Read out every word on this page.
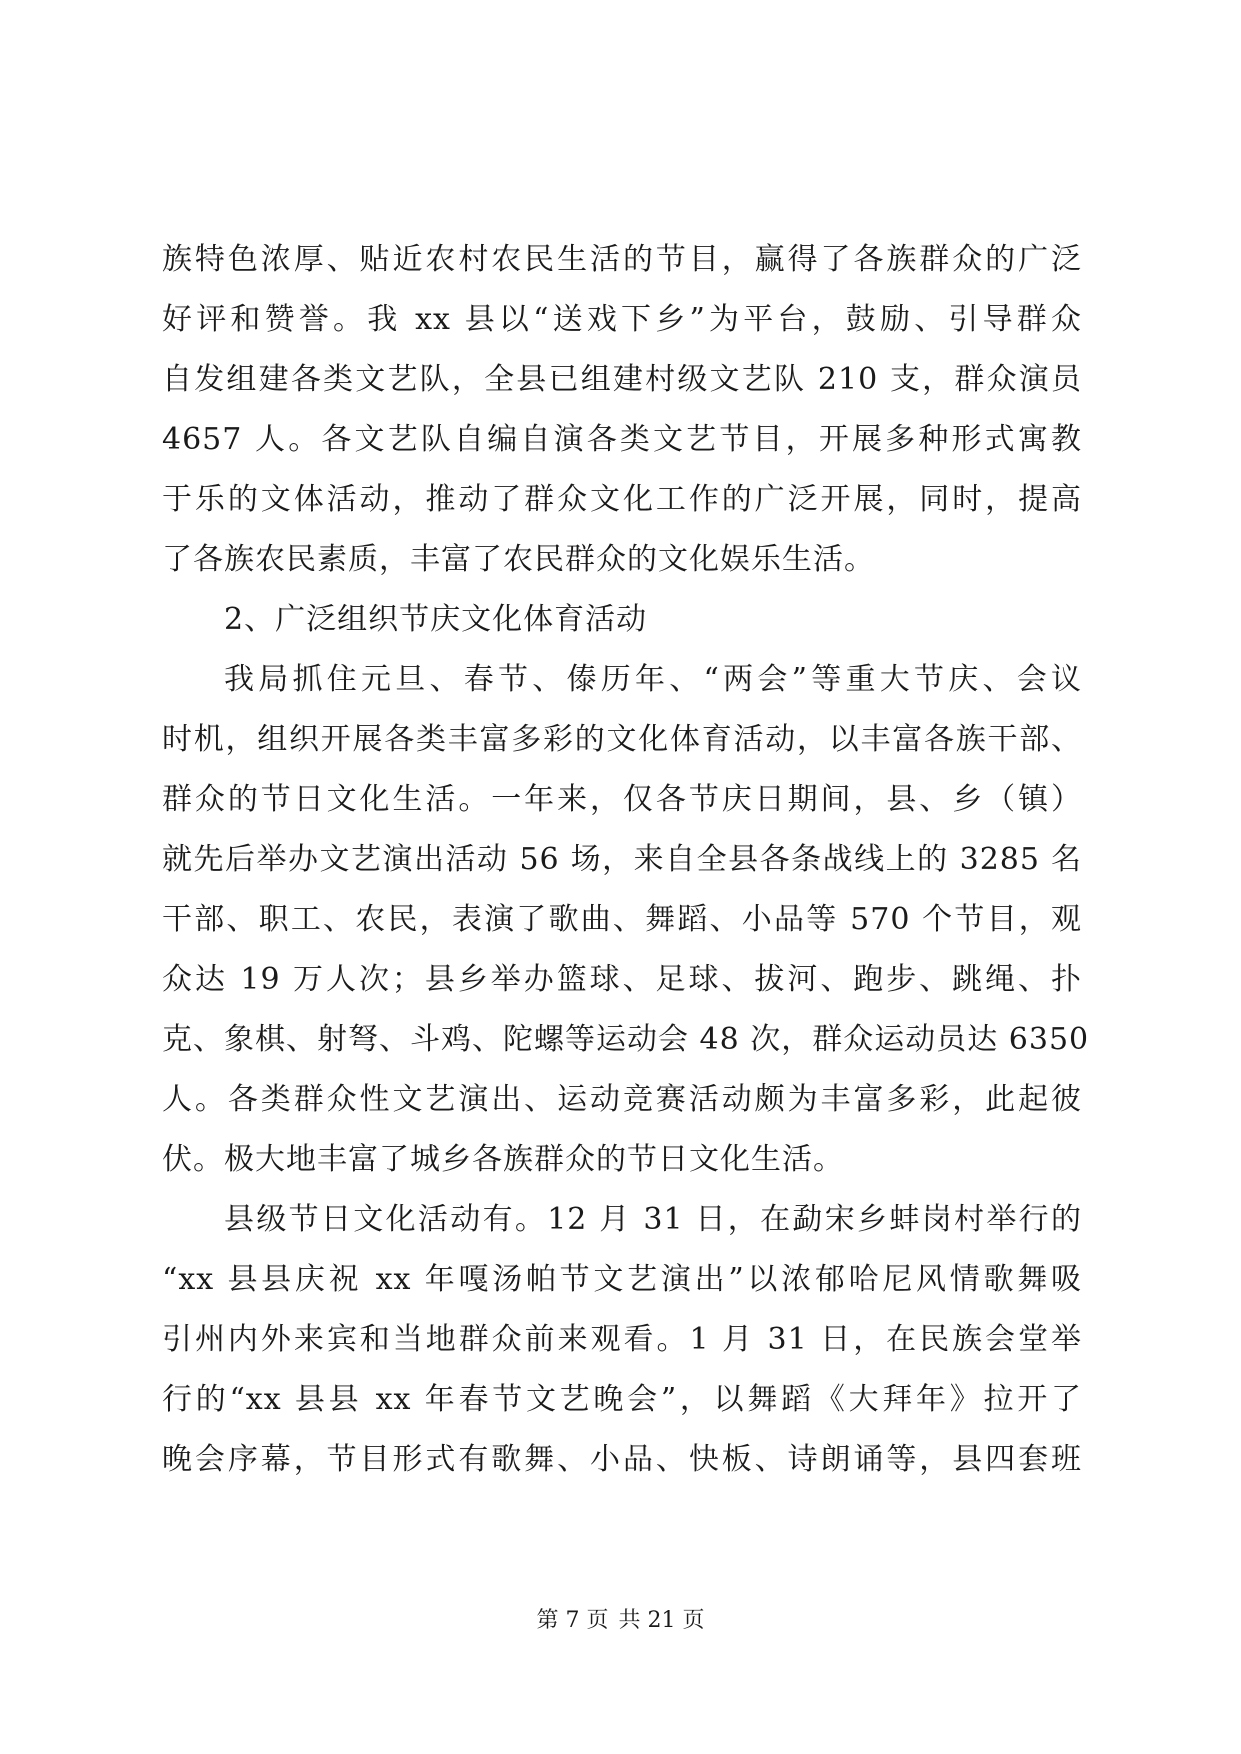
族特色浓厚、贴近农村农民生活的节目，赢得了各族群众的广泛
好评和赞誉。我 xx 县以“送戏下乡”为平台，鼓励、引导群众
自发组建各类文艺队，全县已组建村级文艺队 210 支，群众演员
4657 人。各文艺队自编自演各类文艺节目，开展多种形式寓教
于乐的文体活动，推动了群众文化工作的广泛开展，同时，提高
了各族农民素质，丰富了农民群众的文化娱乐生活。
2、广泛组织节庆文化体育活动
我局抓住元旦、春节、傣历年、“两会”等重大节庆、会议
时机，组织开展各类丰富多彩的文化体育活动，以丰富各族干部、
群众的节日文化生活。一年来，仅各节庆日期间，县、乡（镇）
就先后举办文艺演出活动 56 场，来自全县各条战线上的 3285 名
干部、职工、农民，表演了歌曲、舞蹈、小品等 570 个节目，观
众达 19 万人次；县乡举办篮球、足球、拔河、跑步、跳绳、扑
克、象棋、射弩、斗鸡、陀螺等运动会 48 次，群众运动员达 6350
人。各类群众性文艺演出、运动竞赛活动颇为丰富多彩，此起彼
伏。极大地丰富了城乡各族群众的节日文化生活。
县级节日文化活动有。12 月 31 日，在勐宋乡蚌岗村举行的
“xx 县县庆祝 xx 年嘎汤帕节文艺演出”以浓郁哈尼风情歌舞吸
引州内外来宾和当地群众前来观看。1 月 31 日，在民族会堂举
行的“xx 县县 xx 年春节文艺晚会”，以舞蹈《大拜年》拉开了
晚会序幕，节目形式有歌舞、小品、快板、诗朗诵等，县四套班
第 7 页 共 21 页
